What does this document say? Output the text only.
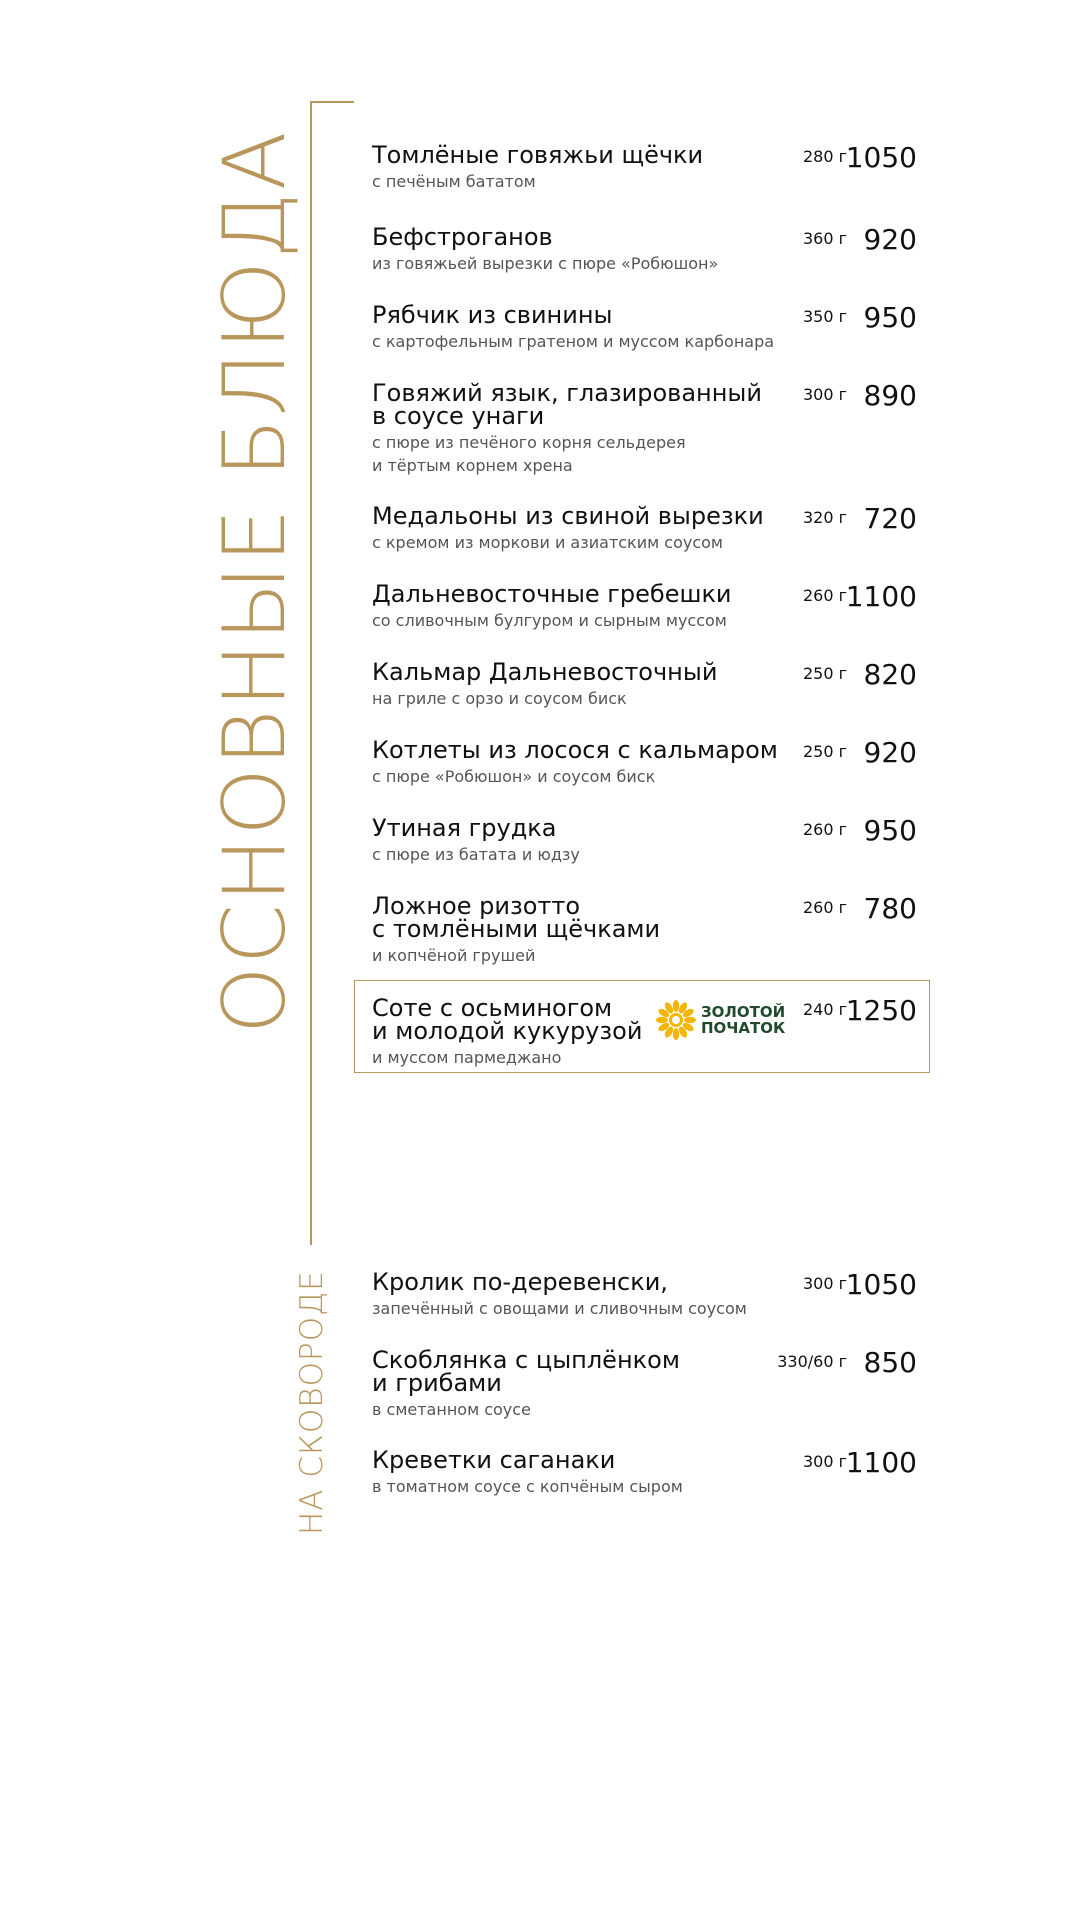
ОСНОВНЫЕ БЛЮДА
НА СКОВОРОДЕ
Томлёные говяжьи щёчки
с печёным бататом
280 г
1050
Бефстроганов
из говяжьей вырезки с пюре «Робюшон»
360 г 920
Рябчик из свинины
с картофельным гратеном и муссом карбонара
350 г 950
Говяжий язык, глазированный
в соусе унаги
с пюре из печёного корня сельдерея
и тёртым корнем хрена
300 г 890
Медальоны из свиной вырезки
с кремом из моркови и азиатским соусом
320 г 720
Дальневосточные гребешки
со сливочным булгуром и сырным муссом
260 г
1100
Кальмар Дальневосточный
на гриле с орзо и соусом биск
250 г 820
Котлеты из лосося с кальмаром
с пюре «Робюшон» и соусом биск
250 г 920
Утиная грудка
с пюре из батата и юдзу
260 г 950
Ложное ризотто
с томлёными щёчками
и копчёной грушей
260 г 780
Соте с осьминогом
и молодой кукурузой
и муссом пармеджано
ЗОЛОТОЙ
ПОЧАТОК
240 г
1250
Кролик по-деревенски,
запечённый с овощами и сливочным соусом
300 г
1050
Скоблянка с цыплёнком
и грибами
в сметанном соусе
330/60 г 850
Креветки саганаки
в томатном соусе с копчёным сыром
300 г
1100
